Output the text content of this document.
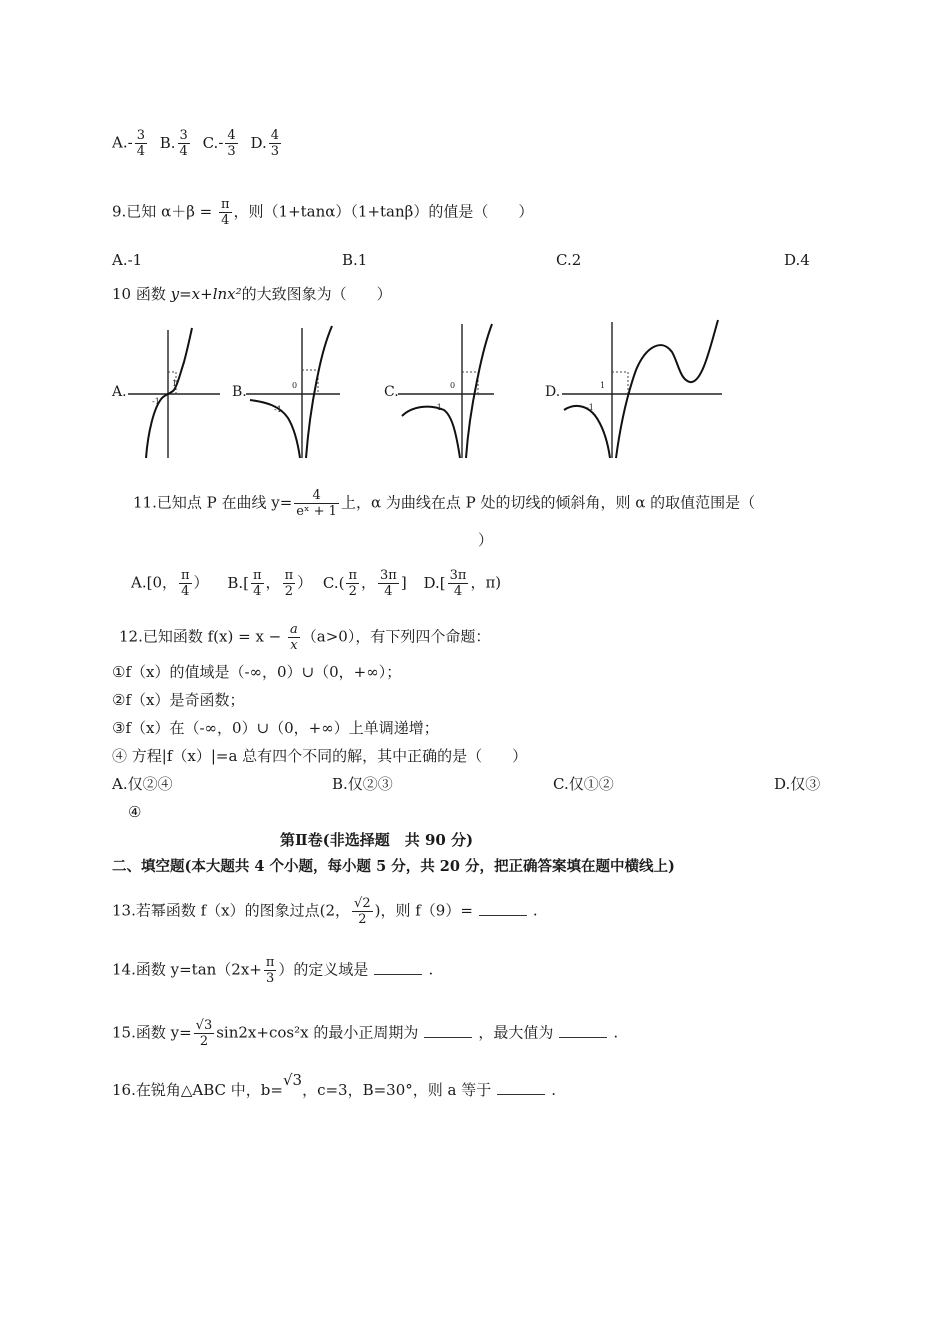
$A.- \frac{3}{4} B$. $\frac{3}{4} C.- \frac{4}{3} D$. $\frac{4}{3}$
9.已知 $\alpha+\beta = \frac{\pi}{4}$ ，则（1+tanα）（1+tanβ）的值是（　　）
A.-1	B.1	C.2	D.4
10 函数 y=x+lnx²的大致图象为（　　）
A.
1
-1
B.	0
-1
C.	0
-1
D.	1
-1
11.已知点 P 在曲线 $y= \frac{4}{\text{eˣ + 1}}$ 上，α 为曲线在点 P 处的切线的倾斜角，则 α 的取值范围是（
）
A.[0， $\frac{\pi}{4}$ ） $B.[ \frac{\pi}{4}$ ， $\frac{\pi}{2}$ ） $C.( \frac{\pi}{2}$ ， $\frac{3\pi}{4}$ ] $D.[ \frac{3\pi}{4}$ ，π)
12.已知函数 $f(x) = x - \frac{a}{x} (a>0)$，有下列四个命题：
①f（x）的值域是（-∞，0）∪（0，+∞）；
②f（x）是奇函数；
③f（x）在（-∞，0）∪（0，+∞）上单调递增；
④ 方程|f（x）|=a 总有四个不同的解，其中正确的是（　　）
A.仅②④	B.仅②③	C.仅①②	D.仅③
④
第Ⅱ卷(非选择题　共 90 分)
二、填空题(本大题共 4 个小题，每小题 5 分，共 20 分，把正确答案填在题中横线上)
13.若幂函数 f（x）的图象过点(2， $\frac{√2}{2}$ )，则 f（9）=	.
14.函数 $y=\tan(2x+ \frac{\pi}{3}$ ）的定义域是	.
15.函数 $y= \frac{√3}{2} \sin 2x+\cos^2x$ 的最小正周期为	，最大值为	.
16.在锐角△ABC 中，b=√3，c=3，B=30°，则 a 等于	.
